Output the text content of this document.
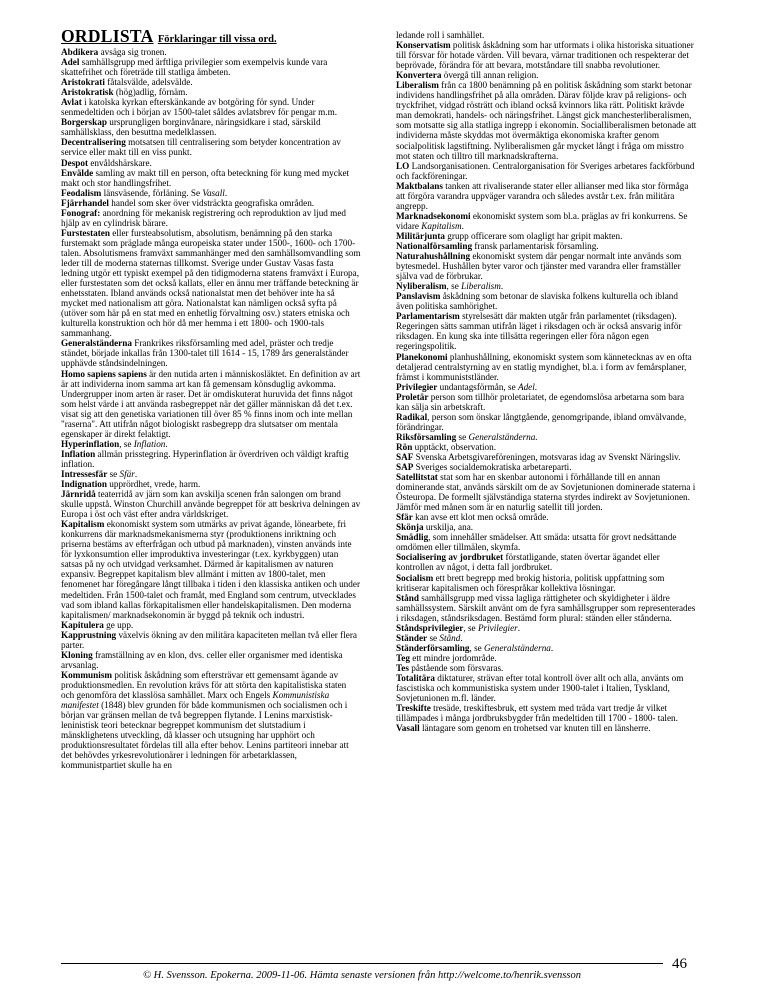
ORDLISTA Förklaringar till vissa ord.

Abdikera avsäga sig tronen.

Adel samhällsgrupp med ärftliga privilegier som exempelvis kunde vara skattefrihet och företräde till statliga ämbeten.

Aristokrati fåtalsvälde, adelsvälde.

Aristokratisk (hög)adlig, förnäm.

Avlat i katolska kyrkan efterskänkande av botgöring för synd. Under senmedeltiden och i början av 1500-talet såldes avlatsbrev för pengar m.m.

Borgerskap ursprungligen borginvånare, näringsidkare i stad, särskild samhällsklass, den besuttna medelklassen.

Decentralisering motsatsen till centralisering som betyder koncentration av service eller makt till en viss punkt.

Despot envåldshärskare.

Envälde samling av makt till en person, ofta beteckning för kung med mycket makt och stor handlingsfrihet.

Feodalism länsväsende, förläning. Se Vasall.

Fjärrhandel handel som sker över vidsträckta geografiska områden.

Fonograf: anordning för mekanisk registrering och reproduktion av ljud med hjälp av en cylindrisk bärare.

Furstestaten eller fursteabsolutism, absolutism, benämning på den starka furstemakt som präglade många europeiska stater under 1500-, 1600- och 1700-talen. Absolutismens framväxt sammanhänger med den samhällsomvandling som leder till de moderna staternas tillkomst. Sverige under Gustav Vasas fasta ledning utgör ett typiskt exempel på den tidigmoderna statens framväxt i Europa, eller furstestaten som det också kallats, eller en ännu mer träffande beteckning är enhetsstaten. Ibland används också nationalstat men det behöver inte ha så mycket med nationalism att göra. Nationalstat kan nämligen också syfta på (utöver som här på en stat med en enhetlig förvaltning osv.) staters etniska och kulturella konstruktion och hör då mer hemma i ett 1800- och 1900-tals sammanhang.

Generalständerna Frankrikes riksförsamling med adel, präster och tredje ständet, började inkallas från 1300-talet till 1614 - 15, 1789 års generalständer upphävde ståndsindelningen.

Homo sapiens sapiens är den nutida arten i människosläktet. En definition av art är att individerna inom samma art kan få gemensam könsduglig avkomma. Undergrupper inom arten är raser. Det är omdiskuterat huruvida det finns något som helst värde i att använda rasbegreppet när det gäller människan då det t.ex. visat sig att den genetiska variationen till över 85 % finns inom och inte mellan "raserna". Att utifrån något biologiskt rasbegrepp dra slutsatser om mentala egenskaper är direkt felaktigt.

Hyperinflation, se Inflation.

Inflation allmän prisstegring. Hyperinflation är överdriven och väldigt kraftig inflation.

Intressesfär se Sfär.

Indignation upprördhet, vrede, harm.

Järnridå teaterridå av järn som kan avskilja scenen från salongen om brand skulle uppstå. Winston Churchill använde begreppet för att beskriva delningen av Europa i öst och väst efter andra världskriget.

Kapitalism ekonomiskt system som utmärks av privat ägande, lönearbete, fri konkurrens där marknadsmekanismerna styr (produktionens inriktning och priserna bestäms av efterfrågan och utbud på marknaden), vinsten används inte för lyxkonsumtion eller improduktiva investeringar (t.ex. kyrkbyggen) utan satsas på ny och utvidgad verksamhet. Därmed är kapitalismen av naturen expansiv. Begreppet kapitalism blev allmänt i mitten av 1800-talet, men fenomenet har föregångare långt tillbaka i tiden i den klassiska antiken och under medeltiden. Från 1500-talet och framåt, med England som centrum, utvecklades vad som ibland kallas förkapitalismen eller handelskapitalismen. Den moderna kapitalismen/ marknadsekonomin är byggd på teknik och industri.

Kapitulera ge upp.

Kapprustning växelvis ökning av den militära kapaciteten mellan två eller flera parter.

Kloning framställning av en klon, dvs. celler eller organismer med identiska arvsanlag.

Kommunism politisk åskådning som eftersträvar ett gemensamt ägande av produktionsmedlen. En revolution krävs för att störta den kapitalistiska staten och genomföra det klasslösa samhället. Marx och Engels Kommunistiska manifestet (1848) blev grunden för både kommunismen och socialismen och i början var gränsen mellan de två begreppen flytande. I Lenins marxistisk-leninistisk teori betecknar begreppet kommunism det slutstadium i mänsklighetens utveckling, då klasser och utsugning har upphört och produktionsresultatet fördelas till alla efter behov. Lenins partiteori innebar att det behövdes yrkesrevolutionärer i ledningen för arbetarklassen, kommunistpartiet skulle ha en

ledande roll i samhället.

Konservatism politisk åskådning som har utformats i olika historiska situationer till försvar för hotade värden. Vill bevara, värnar traditionen och respekterar det beprövade, förändra för att bevara, motståndare till snabba revolutioner.

Konvertera övergå till annan religion.

Liberalism från ca 1800 benämning på en politisk åskådning som starkt betonar individens handlingsfrihet på alla områden. Därav följde krav på religions- och tryckfrihet, vidgad rösträtt och ibland också kvinnors lika rätt. Politiskt krävde man demokrati, handels- och näringsfrihet. Längst gick manchesterliberalismen, som motsatte sig alla statliga ingrepp i ekonomin. Socialliberalismen betonade att individerna måste skyddas mot övermäktiga ekonomiska krafter genom socialpolitisk lagstiftning. Nyliberalismen går mycket långt i fråga om misstro mot staten och tilltro till marknadskrafterna.

LO Landsorganisationen. Centralorganisation för Sveriges arbetares fackförbund och fackföreningar.

Maktbalans tanken att rivaliserande stater eller allianser med lika stor förmåga att förgöra varandra uppväger varandra och således avstår t.ex. från militära angrepp.

Marknadsekonomi ekonomiskt system som bl.a. präglas av fri konkurrens. Se vidare Kapitalism.

Militärjunta grupp officerare som olagligt har gripit makten.

Nationalförsamling fransk parlamentarisk församling.

Naturahushållning ekonomiskt system där pengar normalt inte används som bytesmedel. Hushållen byter varor och tjänster med varandra eller framställer själva vad de förbrukar.

Nyliberalism, se Liberalism.

Panslavism åskådning som betonar de slaviska folkens kulturella och ibland även politiska samhörighet.

Parlamentarism styrelsesätt där makten utgår från parlamentet (riksdagen). Regeringen sätts samman utifrån läget i riksdagen och är också ansvarig inför riksdagen. En kung ska inte tillsätta regeringen eller föra någon egen regeringspolitik.

Planekonomi planhushållning, ekonomiskt system som kännetecknas av en ofta detaljerad centralstyrning av en statlig myndighet, bl.a. i form av femårsplaner, främst i kommuniststländer.

Privilegier undantagsförmån, se Adel.

Proletär person som tillhör proletariatet, de egendomslösa arbetarna som bara kan sälja sin arbetskraft.

Radikal, person som önskar långtgående, genomgripande, ibland omvälvande, förändringar.

Riksförsamling se Generalständerna.

Rön upptäckt, observation.

SAF Svenska Arbetsgivareföreningen, motsvaras idag av Svenskt Näringsliv.

SAP Sveriges socialdemokratiska arbetareparti.

Satellitstat stat som har en skenbar autonomi i förhållande till en annan dominerande stat, används särskilt om de av Sovjetunionen dominerade staterna i Östeuropa. De formellt självständiga staterna styrdes indirekt av Sovjetunionen. Jämför med månen som är en naturlig satellit till jorden.

Sfär kan avse ett klot men också område.

Skönja urskilja, ana.

Smädlig, som innehåller smädelser. Att smäda: utsatta för grovt nedsättande omdömen eller tillmälen, skymfa.

Socialisering av jordbruket förstatligande, staten övertar ägandet eller kontrollen av något, i detta fall jordbruket.

Socialism ett brett begrepp med brokig historia, politisk uppfattning som kritiserar kapitalismen och förespråkar kollektiva lösningar.

Stånd samhällsgrupp med vissa lagliga rättigheter och skyldigheter i äldre samhällssystem. Särskilt använt om de fyra samhällsgrupper som representerades i riksdagen, ståndsriksdagen. Bestämd form plural: ständen eller stånderna.

Ståndsprivilegier, se Privilegier.

Ständer se Stånd.

Ständerförsamling, se Generalständerna.

Teg ett mindre jordområde.

Tes påstående som försvaras.

Totalitära diktaturer, strävan efter total kontroll över allt och alla, använts om fascistiska och kommunistiska system under 1900-talet i Italien, Tyskland, Sovjetunionen m.fl. länder.

Treskifte tresäde, treskiftesbruk, ett system med träda vart tredje år vilket tillämpades i många jordbruksbygder från medeltiden till 1700 - 1800- talen.

Vasall läntagare som genom en trohetsed var knuten till en länsherre.

© H. Svensson. Epokerna. 2009-11-06. Hämta senaste versionen från http://welcome.to/henrik.svensson
46
